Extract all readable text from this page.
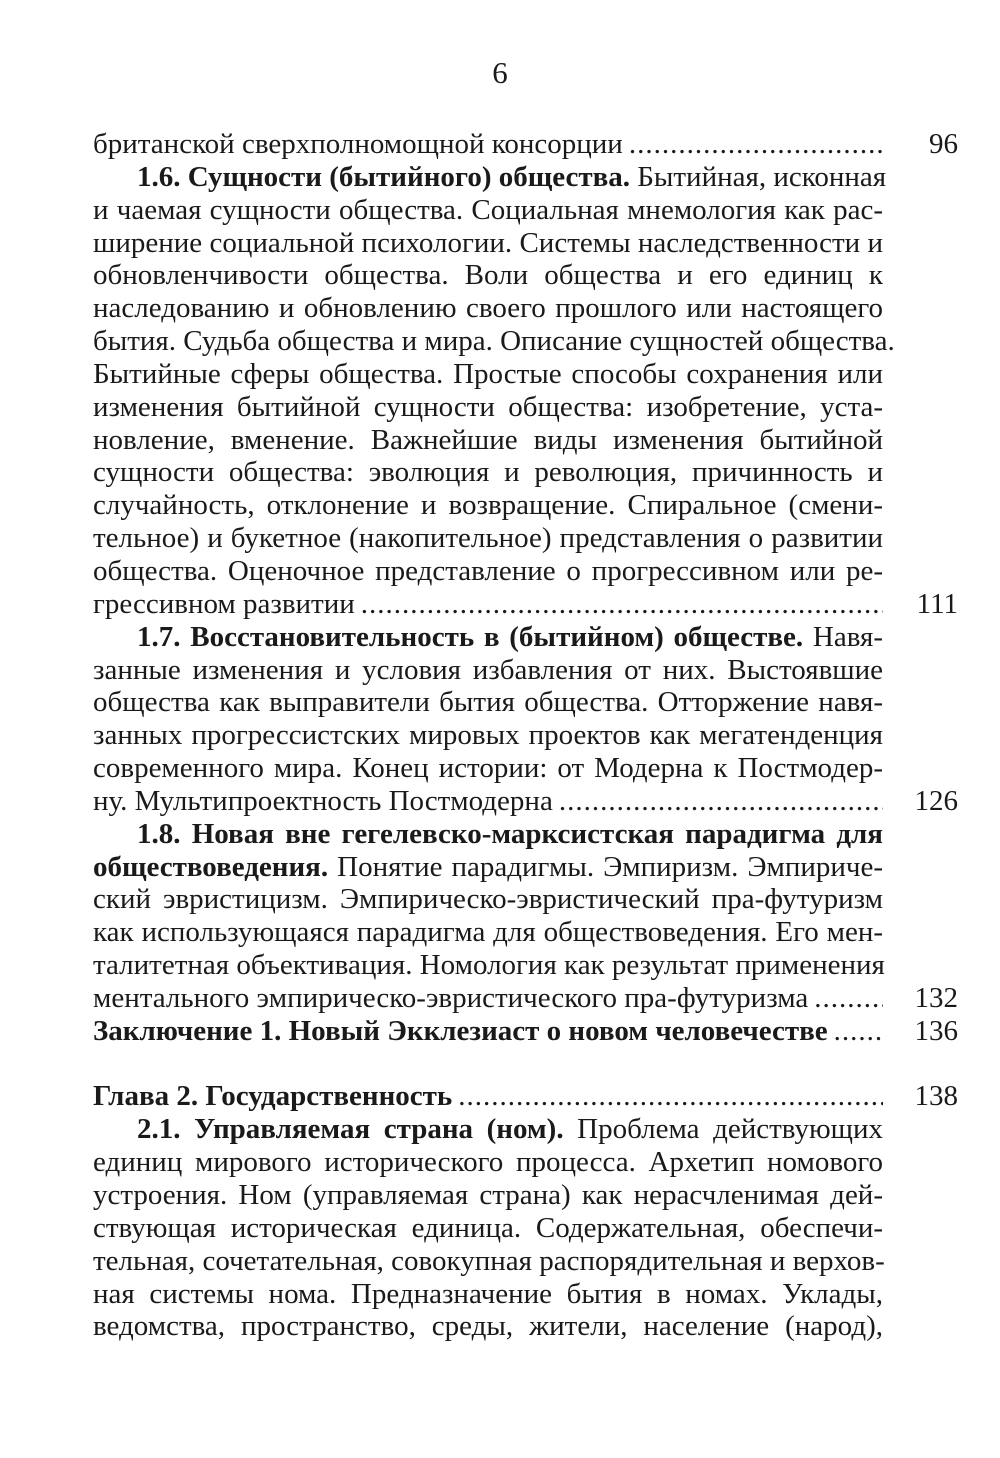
6
британской сверхполномощной консорции .....	96
1.6. Сущности (бытийного) общества. Бытийная, исконная
и чаемая сущности общества. Социальная мнемология как рас-
ширение социальной психологии. Системы наследственности и
обновленчивости общества. Воли общества и его единиц к
наследованию и обновлению своего прошлого или настоящего
бытия. Судьба общества и мира. Описание сущностей общества.
Бытийные сферы общества. Простые способы сохранения или
изменения бытийной сущности общества: изобретение, уста-
новление, вменение. Важнейшие виды изменения бытийной
сущности общества: эволюция и революция, причинность и
случайность, отклонение и возвращение. Спиральное (смени-
тельное) и букетное (накопительное) представления о развитии
общества. Оценочное представление о прогрессивном или ре-
грессивном развитии .....	111
1.7. Восстановительность в (бытийном) обществе. Навя-
занные изменения и условия избавления от них. Выстоявшие
общества как выправители бытия общества. Отторжение навя-
занных прогрессистских мировых проектов как мегатенденция
современного мира. Конец истории: от Модерна к Постмодер-
ну. Мультипроектность Постмодерна .....	126
1.8. Новая вне гегелевско-марксистская парадигма для
обществоведения. Понятие парадигмы. Эмпиризм. Эмпириче-
ский эвристицизм. Эмпирическо-эвристический пра-футуризм
как использующаяся парадигма для обществоведения. Его мен-
талитетная объективация. Номология как результат применения
ментального эмпирическо-эвристического пра-футуризма .....	132
Заключение 1. Новый Экклезиаст о новом человечестве .....	136
Глава 2. Государственность .....	138
2.1. Управляемая страна (ном). Проблема действующих
единиц мирового исторического процесса. Архетип номового
устроения. Ном (управляемая страна) как нерасчленимая дей-
ствующая историческая единица. Содержательная, обеспечи-
тельная, сочетательная, совокупная распорядительная и верхов-
ная системы нома. Предназначение бытия в номах. Уклады,
ведомства, пространство, среды, жители, население (народ),
